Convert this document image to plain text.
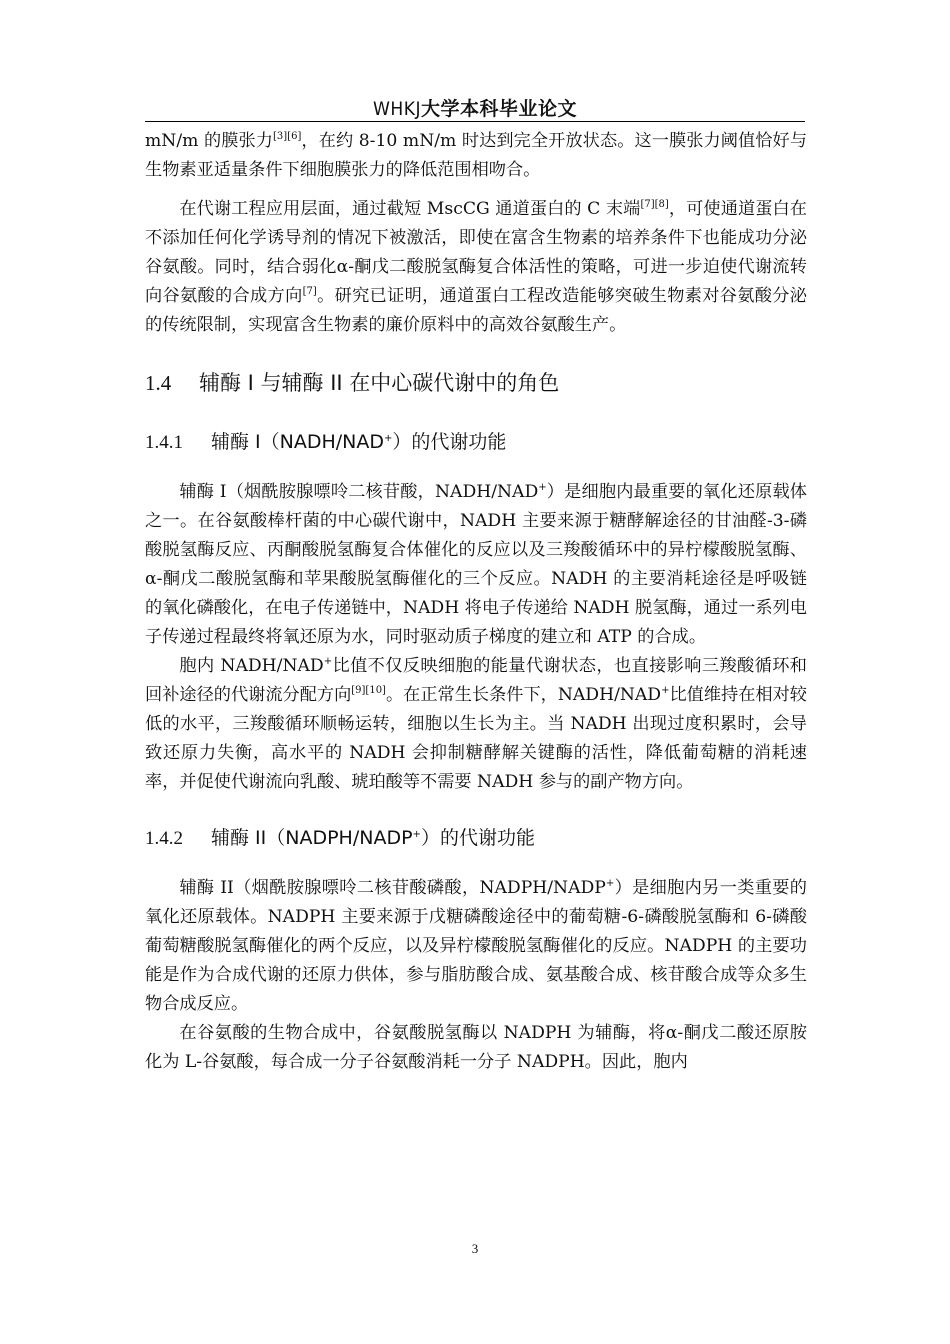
WHKJ大学本科毕业论文

mN/m 的膜张力[3][6]，在约 8-10 mN/m 时达到完全开放状态。这一膜张力阈值恰好与生物素亚适量条件下细胞膜张力的降低范围相吻合。

在代谢工程应用层面，通过截短 MscCG 通道蛋白的 C 末端[7][8]，可使通道蛋白在不添加任何化学诱导剂的情况下被激活，即使在富含生物素的培养条件下也能成功分泌谷氨酸。同时，结合弱化α-酮戊二酸脱氢酶复合体活性的策略，可进一步迫使代谢流转向谷氨酸的合成方向[7]。研究已证明，通道蛋白工程改造能够突破生物素对谷氨酸分泌的传统限制，实现富含生物素的廉价原料中的高效谷氨酸生产。

1.4 辅酶 I 与辅酶 II 在中心碳代谢中的角色
1.4.1 辅酶 I（NADH/NAD+）的代谢功能

辅酶 I（烟酰胺腺嘌呤二核苷酸，NADH/NAD+）是细胞内最重要的氧化还原载体之一。在谷氨酸棒杆菌的中心碳代谢中，NADH 主要来源于糖酵解途径的甘油醛-3-磷酸脱氢酶反应、丙酮酸脱氢酶复合体催化的反应以及三羧酸循环中的异柠檬酸脱氢酶、α-酮戊二酸脱氢酶和苹果酸脱氢酶催化的三个反应。NADH 的主要消耗途径是呼吸链的氧化磷酸化，在电子传递链中，NADH 将电子传递给 NADH 脱氢酶，通过一系列电子传递过程最终将氧还原为水，同时驱动质子梯度的建立和 ATP 的合成。

胞内 NADH/NAD+比值不仅反映细胞的能量代谢状态，也直接影响三羧酸循环和回补途径的代谢流分配方向[9][10]。在正常生长条件下，NADH/NAD+比值维持在相对较低的水平，三羧酸循环顺畅运转，细胞以生长为主。当 NADH 出现过度积累时，会导致还原力失衡，高水平的 NADH 会抑制糖酵解关键酶的活性，降低葡萄糖的消耗速率，并促使代谢流向乳酸、琥珀酸等不需要 NADH 参与的副产物方向。

1.4.2 辅酶 II（NADPH/NADP+）的代谢功能

辅酶 II（烟酰胺腺嘌呤二核苷酸磷酸，NADPH/NADP+）是细胞内另一类重要的氧化还原载体。NADPH 主要来源于戊糖磷酸途径中的葡萄糖-6-磷酸脱氢酶和 6-磷酸葡萄糖酸脱氢酶催化的两个反应，以及异柠檬酸脱氢酶催化的反应。NADPH 的主要功能是作为合成代谢的还原力供体，参与脂肪酸合成、氨基酸合成、核苷酸合成等众多生物合成反应。

在谷氨酸的生物合成中，谷氨酸脱氢酶以 NADPH 为辅酶，将α-酮戊二酸还原胺化为 L-谷氨酸，每合成一分子谷氨酸消耗一分子 NADPH。因此，胞内

3
